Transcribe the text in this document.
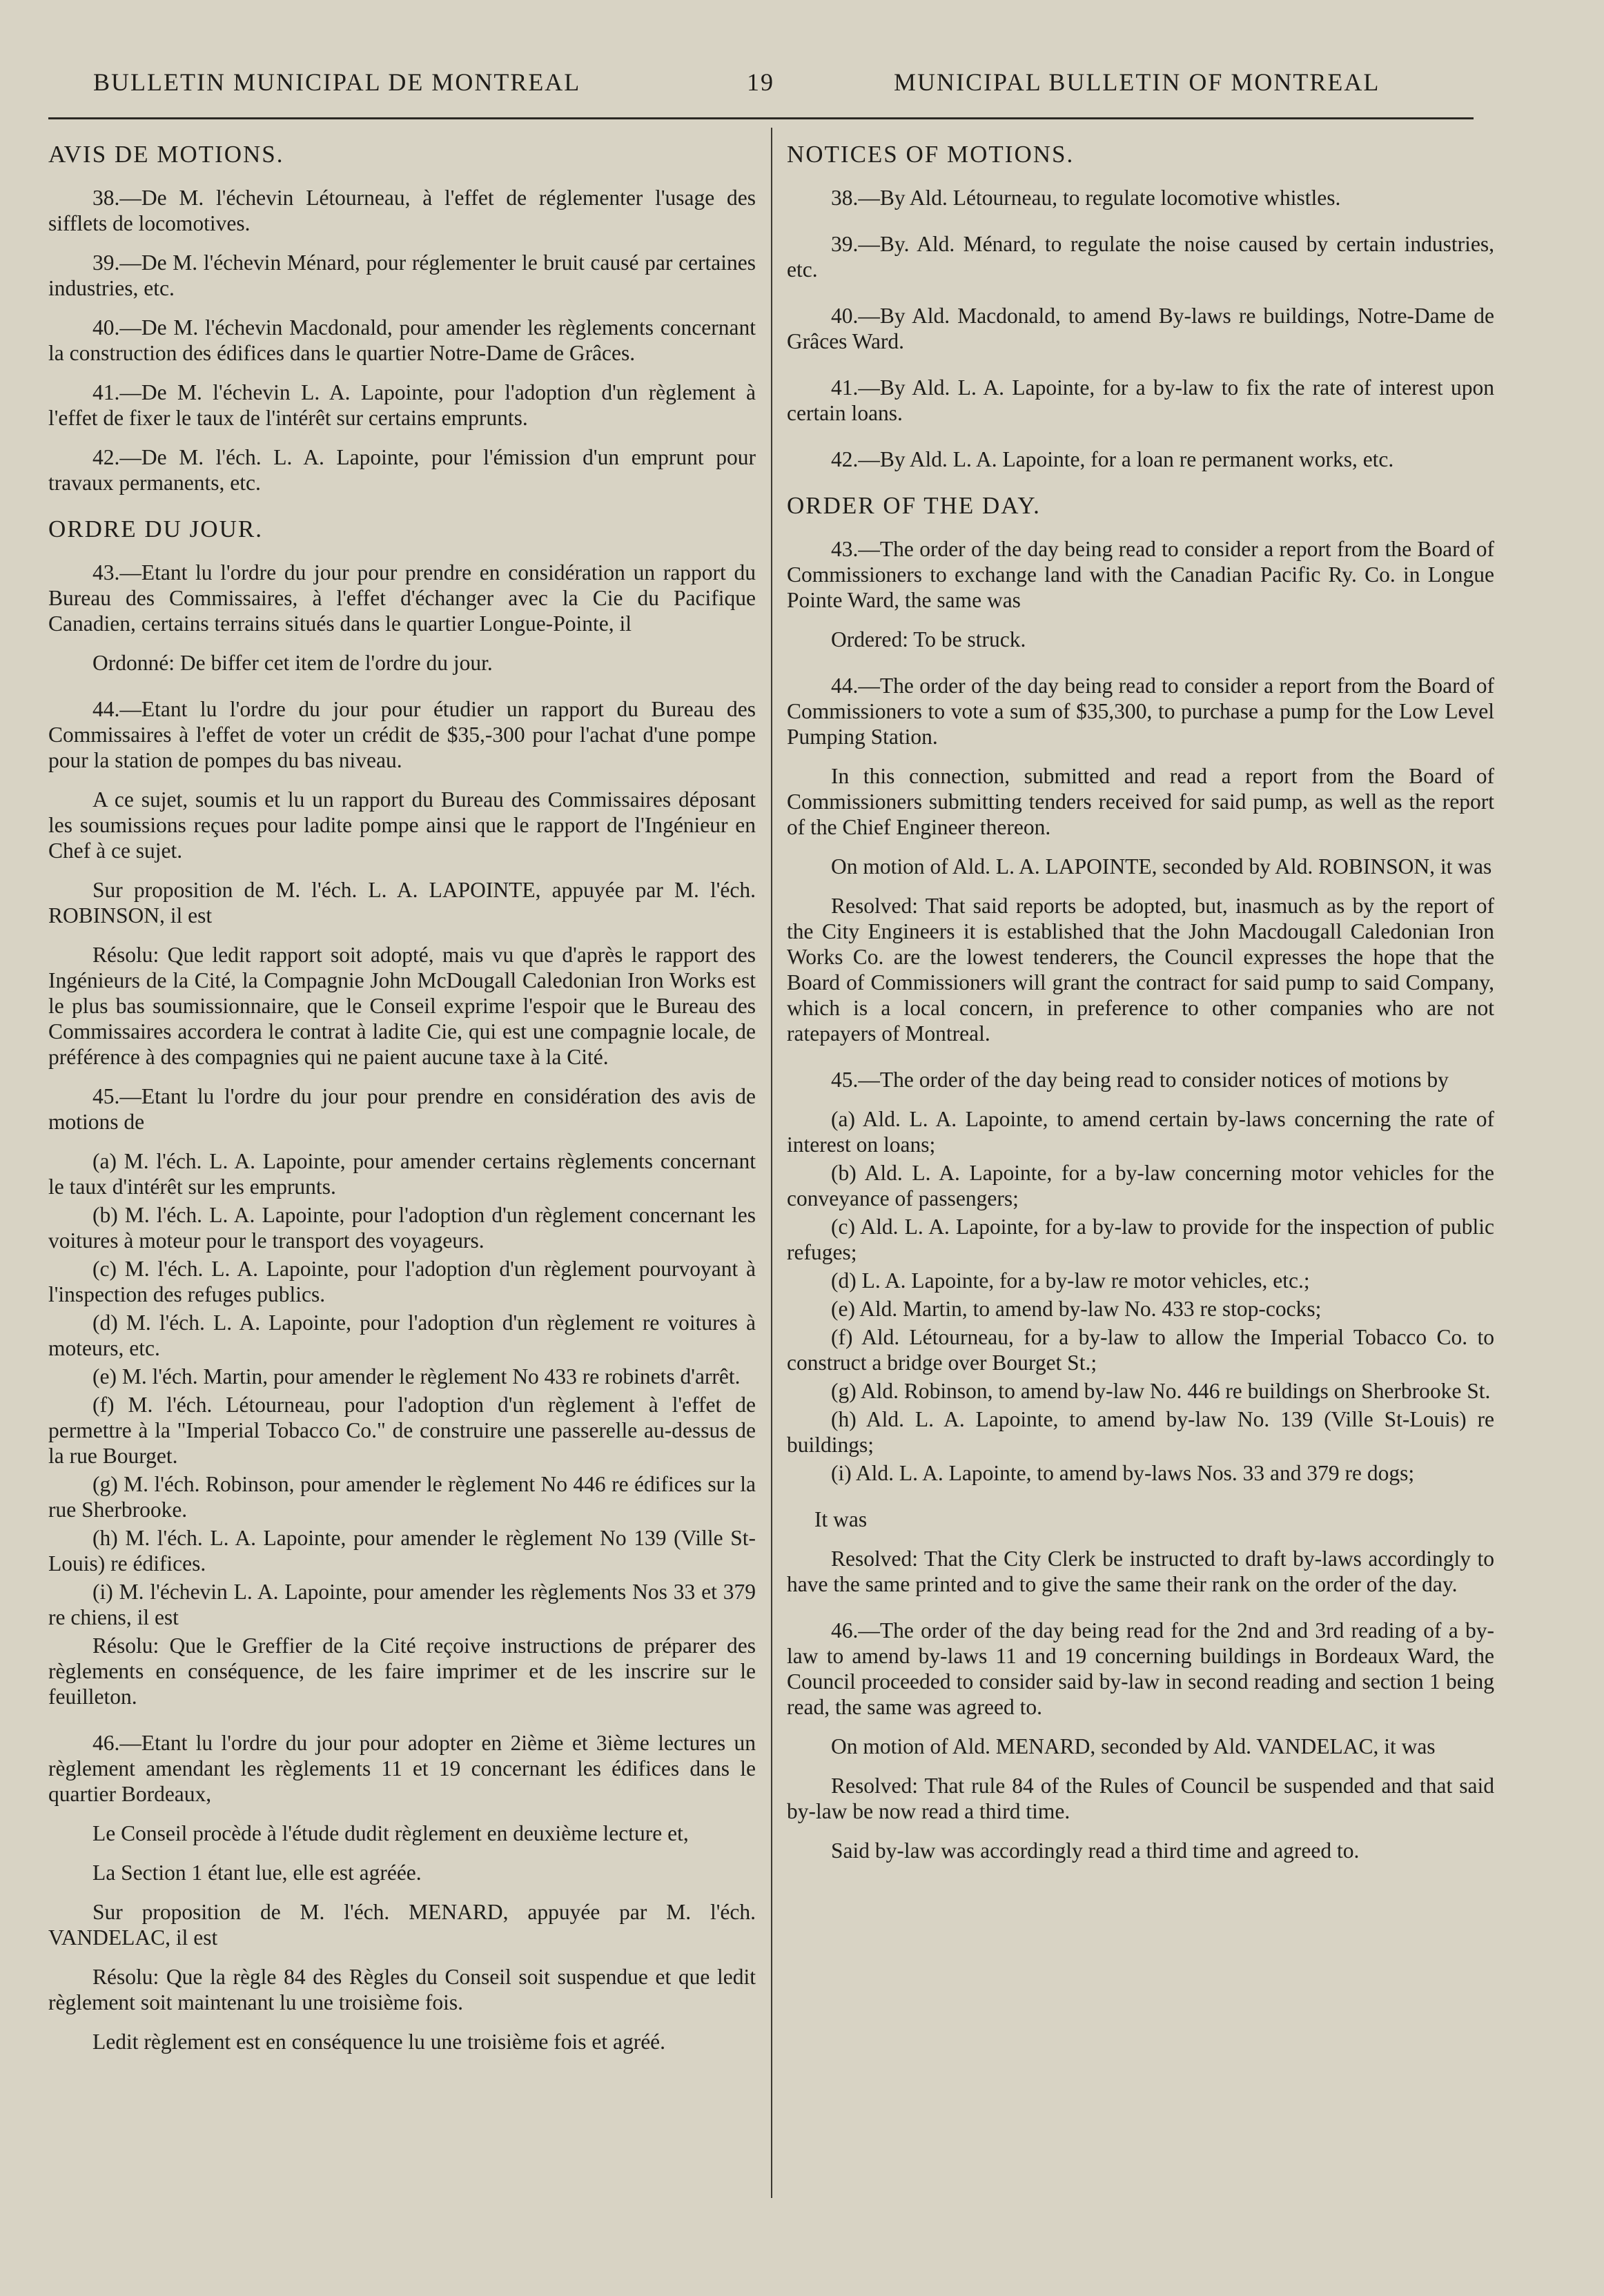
BULLETIN MUNICIPAL DE MONTREAL	19	MUNICIPAL BULLETIN OF MONTREAL
AVIS DE MOTIONS.

38.—De M. l'échevin Létourneau, à l'effet de réglementer l'usage des sifflets de locomotives.

39.—De M. l'échevin Ménard, pour réglementer le bruit causé par certaines industries, etc.

40.—De M. l'échevin Macdonald, pour amender les règlements concernant la construction des édifices dans le quartier Notre-Dame de Grâces.

41.—De M. l'échevin L. A. Lapointe, pour l'adoption d'un règlement à l'effet de fixer le taux de l'intérêt sur certains emprunts.

42.—De M. l'éch. L. A. Lapointe, pour l'émission d'un emprunt pour travaux permanents, etc.

ORDRE DU JOUR.

43.—Etant lu l'ordre du jour pour prendre en considération un rapport du Bureau des Commissaires, à l'effet d'échanger avec la Cie du Pacifique Canadien, certains terrains situés dans le quartier Longue-Pointe, il

Ordonné: De biffer cet item de l'ordre du jour.

44.—Etant lu l'ordre du jour pour étudier un rapport du Bureau des Commissaires à l'effet de voter un crédit de $35,-300 pour l'achat d'une pompe pour la station de pompes du bas niveau.

A ce sujet, soumis et lu un rapport du Bureau des Commissaires déposant les soumissions reçues pour ladite pompe ainsi que le rapport de l'Ingénieur en Chef à ce sujet.

Sur proposition de M. l'éch. L. A. LAPOINTE, appuyée par M. l'éch. ROBINSON, il est

Résolu: Que ledit rapport soit adopté, mais vu que d'après le rapport des Ingénieurs de la Cité, la Compagnie John McDougall Caledonian Iron Works est le plus bas soumissionnaire, que le Conseil exprime l'espoir que le Bureau des Commissaires accordera le contrat à ladite Cie, qui est une compagnie locale, de préférence à des compagnies qui ne paient aucune taxe à la Cité.

45.—Etant lu l'ordre du jour pour prendre en considération des avis de motions de

(a) M. l'éch. L. A. Lapointe, pour amender certains règlements concernant le taux d'intérêt sur les emprunts.

(b) M. l'éch. L. A. Lapointe, pour l'adoption d'un règlement concernant les voitures à moteur pour le transport des voyageurs.

(c) M. l'éch. L. A. Lapointe, pour l'adoption d'un règlement pourvoyant à l'inspection des refuges publics.

(d) M. l'éch. L. A. Lapointe, pour l'adoption d'un règlement re voitures à moteurs, etc.

(e) M. l'éch. Martin, pour amender le règlement No 433 re robinets d'arrêt.

(f) M. l'éch. Létourneau, pour l'adoption d'un règlement à l'effet de permettre à la "Imperial Tobacco Co." de construire une passerelle au-dessus de la rue Bourget.

(g) M. l'éch. Robinson, pour amender le règlement No 446 re édifices sur la rue Sherbrooke.

(h) M. l'éch. L. A. Lapointe, pour amender le règlement No 139 (Ville St-Louis) re édifices.

(i) M. l'échevin L. A. Lapointe, pour amender les règlements Nos 33 et 379 re chiens, il est

Résolu: Que le Greffier de la Cité reçoive instructions de préparer des règlements en conséquence, de les faire imprimer et de les inscrire sur le feuilleton.

46.—Etant lu l'ordre du jour pour adopter en 2ième et 3ième lectures un règlement amendant les règlements 11 et 19 concernant les édifices dans le quartier Bordeaux,

Le Conseil procède à l'étude dudit règlement en deuxième lecture et,

La Section 1 étant lue, elle est agréée.

Sur proposition de M. l'éch. MENARD, appuyée par M. l'éch. VANDELAC, il est

Résolu: Que la règle 84 des Règles du Conseil soit suspendue et que ledit règlement soit maintenant lu une troisième fois.

Ledit règlement est en conséquence lu une troisième fois et agréé.

NOTICES OF MOTIONS.

38.—By Ald. Létourneau, to regulate locomotive whistles.

39.—By. Ald. Ménard, to regulate the noise caused by certain industries, etc.

40.—By Ald. Macdonald, to amend By-laws re buildings, Notre-Dame de Grâces Ward.

41.—By Ald. L. A. Lapointe, for a by-law to fix the rate of interest upon certain loans.

42.—By Ald. L. A. Lapointe, for a loan re permanent works, etc.

ORDER OF THE DAY.

43.—The order of the day being read to consider a report from the Board of Commissioners to exchange land with the Canadian Pacific Ry. Co. in Longue Pointe Ward, the same was

Ordered: To be struck.

44.—The order of the day being read to consider a report from the Board of Commissioners to vote a sum of $35,300, to purchase a pump for the Low Level Pumping Station.

In this connection, submitted and read a report from the Board of Commissioners submitting tenders received for said pump, as well as the report of the Chief Engineer thereon.

On motion of Ald. L. A. LAPOINTE, seconded by Ald. ROBINSON, it was

Resolved: That said reports be adopted, but, inasmuch as by the report of the City Engineers it is established that the John Macdougall Caledonian Iron Works Co. are the lowest tenderers, the Council expresses the hope that the Board of Commissioners will grant the contract for said pump to said Company, which is a local concern, in preference to other companies who are not ratepayers of Montreal.

45.—The order of the day being read to consider notices of motions by

(a) Ald. L. A. Lapointe, to amend certain by-laws concerning the rate of interest on loans;

(b) Ald. L. A. Lapointe, for a by-law concerning motor vehicles for the conveyance of passengers;

(c) Ald. L. A. Lapointe, for a by-law to provide for the inspection of public refuges;

(d) L. A. Lapointe, for a by-law re motor vehicles, etc.;

(e) Ald. Martin, to amend by-law No. 433 re stop-cocks;

(f) Ald. Létourneau, for a by-law to allow the Imperial Tobacco Co. to construct a bridge over Bourget St.;

(g) Ald. Robinson, to amend by-law No. 446 re buildings on Sherbrooke St.

(h) Ald. L. A. Lapointe, to amend by-law No. 139 (Ville St-Louis) re buildings;

(i) Ald. L. A. Lapointe, to amend by-laws Nos. 33 and 379 re dogs;

It was

Resolved: That the City Clerk be instructed to draft by-laws accordingly to have the same printed and to give the same their rank on the order of the day.

46.—The order of the day being read for the 2nd and 3rd reading of a by-law to amend by-laws 11 and 19 concerning buildings in Bordeaux Ward, the Council proceeded to consider said by-law in second reading and section 1 being read, the same was agreed to.

On motion of Ald. MENARD, seconded by Ald. VANDELAC, it was

Resolved: That rule 84 of the Rules of Council be suspended and that said by-law be now read a third time.

Said by-law was accordingly read a third time and agreed to.
